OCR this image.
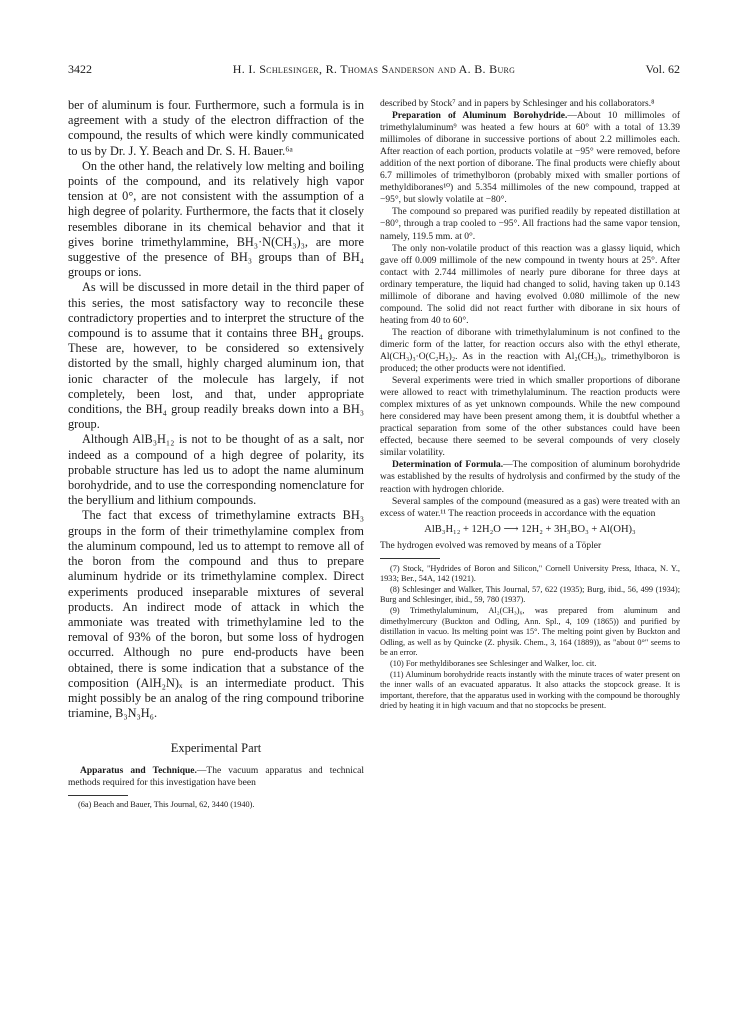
3422	H. I. Schlesinger, R. Thomas Sanderson and A. B. Burg	Vol. 62

ber of aluminum is four. Furthermore, such a formula is in agreement with a study of the electron diffraction of the compound, the results of which were kindly communicated to us by Dr. J. Y. Beach and Dr. S. H. Bauer.⁶ᵃ

On the other hand, the relatively low melting and boiling points of the compound, and its relatively high vapor tension at 0°, are not consistent with the assumption of a high degree of polarity. Furthermore, the facts that it closely resembles diborane in its chemical behavior and that it gives borine trimethylammine, BH₃·N(CH₃)₃, are more suggestive of the presence of BH₃ groups than of BH₄ groups or ions.

As will be discussed in more detail in the third paper of this series, the most satisfactory way to reconcile these contradictory properties and to interpret the structure of the compound is to assume that it contains three BH₄ groups. These are, however, to be considered so extensively distorted by the small, highly charged aluminum ion, that ionic character of the molecule has largely, if not completely, been lost, and that, under appropriate conditions, the BH₄ group readily breaks down into a BH₃ group.

Although AlB₃H₁₂ is not to be thought of as a salt, nor indeed as a compound of a high degree of polarity, its probable structure has led us to adopt the name aluminum borohydride, and to use the corresponding nomenclature for the beryllium and lithium compounds.

The fact that excess of trimethylamine extracts BH₃ groups in the form of their trimethylamine complex from the aluminum compound, led us to attempt to remove all of the boron from the compound and thus to prepare aluminum hydride or its trimethylamine complex. Direct experiments produced inseparable mixtures of several products. An indirect mode of attack in which the ammoniate was treated with trimethylamine led to the removal of 93% of the boron, but some loss of hydrogen occurred. Although no pure end-products have been obtained, there is some indication that a substance of the composition (AlH₂N)ₓ is an intermediate product. This might possibly be an analog of the ring compound triborine triamine, B₃N₃H₆.

Experimental Part

Apparatus and Technique.—The vacuum apparatus and technical methods required for this investigation have been

(6a) Beach and Bauer, This Journal, 62, 3440 (1940).

described by Stock⁷ and in papers by Schlesinger and his collaborators.⁸

Preparation of Aluminum Borohydride.—About 10 millimoles of trimethylaluminum⁹ was heated a few hours at 60° with a total of 13.39 millimoles of diborane in successive portions of about 2.2 millimoles each. After reaction of each portion, products volatile at −95° were removed, before addition of the next portion of diborane. The final products were chiefly about 6.7 millimoles of trimethylboron (probably mixed with smaller portions of methyldiboranes¹⁰) and 5.354 millimoles of the new compound, trapped at −95°, but slowly volatile at −80°.

The compound so prepared was purified readily by repeated distillation at −80°, through a trap cooled to −95°. All fractions had the same vapor tension, namely, 119.5 mm. at 0°.

The only non-volatile product of this reaction was a glassy liquid, which gave off 0.009 millimole of the new compound in twenty hours at 25°. After contact with 2.744 millimoles of nearly pure diborane for three days at ordinary temperature, the liquid had changed to solid, having taken up 0.143 millimole of diborane and having evolved 0.080 millimole of the new compound. The solid did not react further with diborane in six hours of heating from 40 to 60°.

The reaction of diborane with trimethylaluminum is not confined to the dimeric form of the latter, for reaction occurs also with the ethyl etherate, Al(CH₃)₃·O(C₂H₅)₂. As in the reaction with Al₂(CH₃)₆, trimethylboron is produced; the other products were not identified.

Several experiments were tried in which smaller proportions of diborane were allowed to react with trimethylaluminum. The reaction products were complex mixtures of as yet unknown compounds. While the new compound here considered may have been present among them, it is doubtful whether a practical separation from some of the other substances could have been effected, because there seemed to be several compounds of very closely similar volatility.

Determination of Formula.—The composition of aluminum borohydride was established by the results of hydrolysis and confirmed by the study of the reaction with hydrogen chloride.

Several samples of the compound (measured as a gas) were treated with an excess of water.¹¹ The reaction proceeds in accordance with the equation

AlB₃H₁₂ + 12H₂O ⟶ 12H₂ + 3H₃BO₃ + Al(OH)₃

The hydrogen evolved was removed by means of a Töpler

(7) Stock, "Hydrides of Boron and Silicon," Cornell University Press, Ithaca, N. Y., 1933; Ber., 54A, 142 (1921).

(8) Schlesinger and Walker, This Journal, 57, 622 (1935); Burg, ibid., 56, 499 (1934); Burg and Schlesinger, ibid., 59, 780 (1937).

(9) Trimethylaluminum, Al₂(CH₃)₆, was prepared from aluminum and dimethylmercury (Buckton and Odling, Ann. Spl., 4, 109 (1865)) and purified by distillation in vacuo. Its melting point was 15°. The melting point given by Buckton and Odling, as well as by Quincke (Z. physik. Chem., 3, 164 (1889)), as "about 0°" seems to be an error.

(10) For methyldiboranes see Schlesinger and Walker, loc. cit.

(11) Aluminum borohydride reacts instantly with the minute traces of water present on the inner walls of an evacuated apparatus. It also attacks the stopcock grease. It is important, therefore, that the apparatus used in working with the compound be thoroughly dried by heating it in high vacuum and that no stopcocks be present.
